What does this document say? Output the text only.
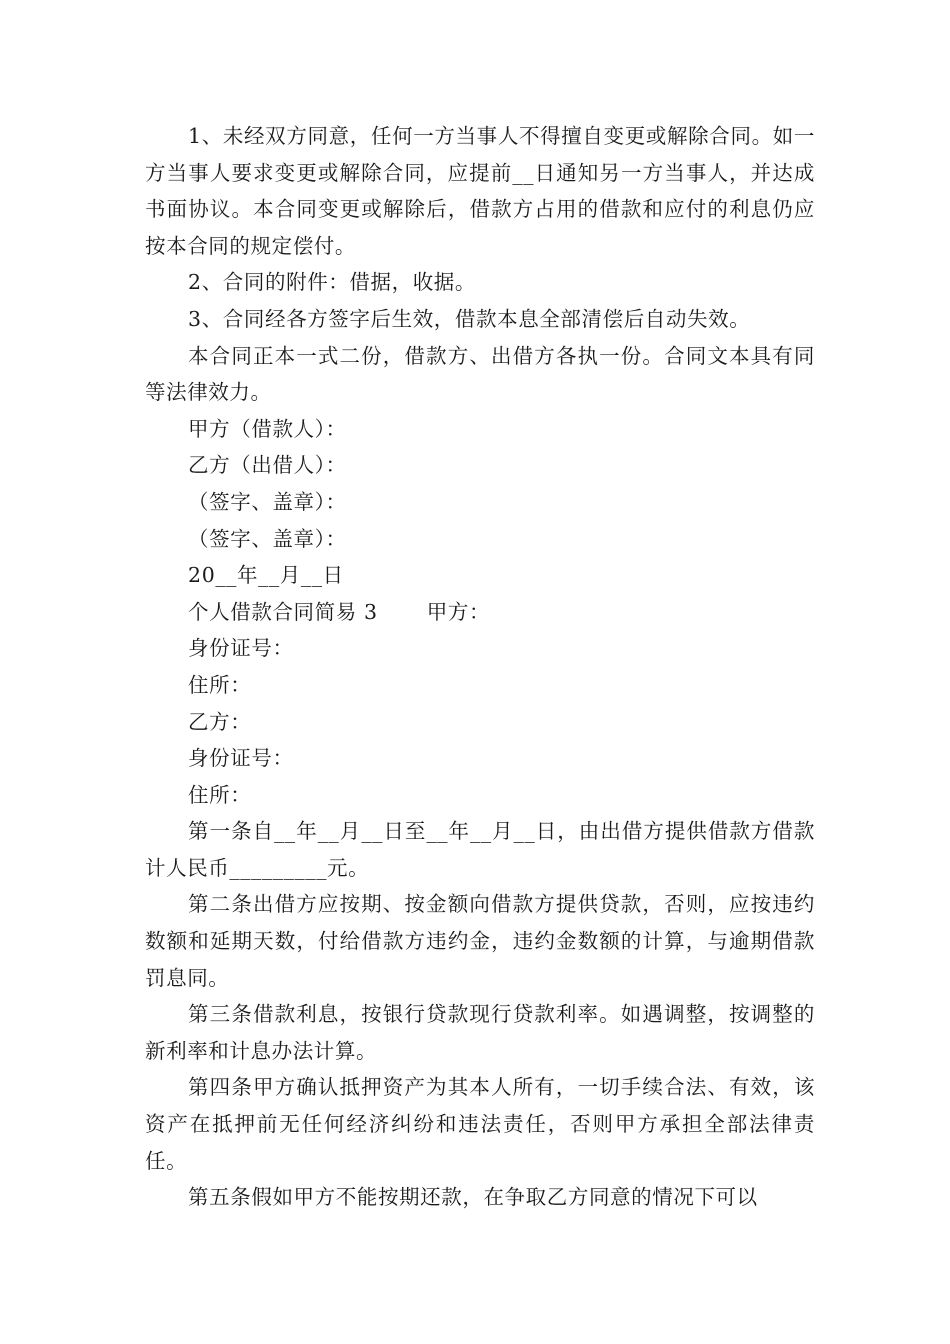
1、未经双方同意，任何一方当事人不得擅自变更或解除合同。如一方当事人要求变更或解除合同，应提前__日通知另一方当事人，并达成书面协议。本合同变更或解除后，借款方占用的借款和应付的利息仍应按本合同的规定偿付。

2、合同的附件：借据，收据。

3、合同经各方签字后生效，借款本息全部清偿后自动失效。

本合同正本一式二份，借款方、出借方各执一份。合同文本具有同等法律效力。

甲方（借款人）：

乙方（出借人）：

（签字、盖章）：

（签字、盖章）：

20__年__月__日

个人借款合同简易 3 甲方：

身份证号：

住所：

乙方：

身份证号：

住所：

第一条自__年__月__日至__年__月__日，由出借方提供借款方借款计人民币_________元。

第二条出借方应按期、按金额向借款方提供贷款，否则，应按违约数额和延期天数，付给借款方违约金，违约金数额的计算，与逾期借款罚息同。

第三条借款利息，按银行贷款现行贷款利率。如遇调整，按调整的新利率和计息办法计算。

第四条甲方确认抵押资产为其本人所有，一切手续合法、有效，该资产在抵押前无任何经济纠纷和违法责任，否则甲方承担全部法律责任。

第五条假如甲方不能按期还款，在争取乙方同意的情况下可以
